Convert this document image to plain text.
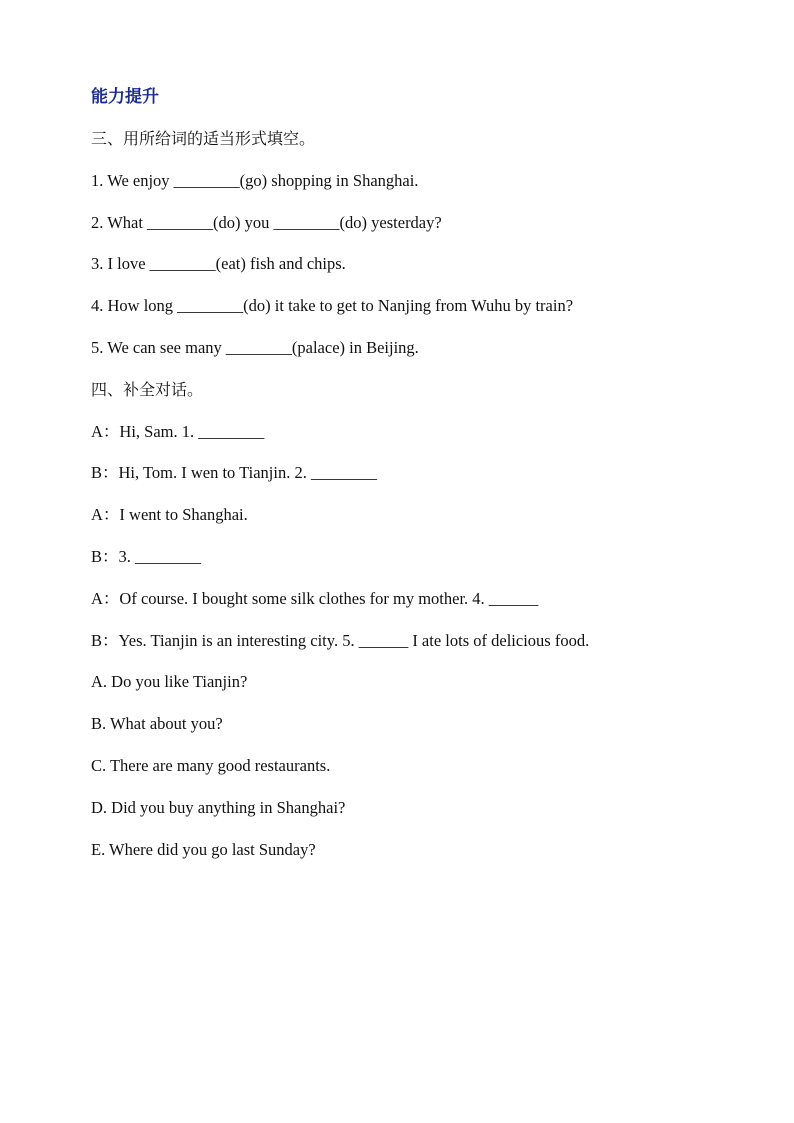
能力提升
三、用所给词的适当形式填空。
1. We enjoy ________(go) shopping in Shanghai.
2. What ________(do) you ________(do) yesterday?
3. I love ________(eat) fish and chips.
4. How long ________(do) it take to get to Nanjing from Wuhu by train?
5. We can see many ________(palace) in Beijing.
四、补全对话。
A：Hi, Sam. 1. ________
B：Hi, Tom. I wen to Tianjin. 2. ________
A：I went to Shanghai.
B：3. ________
A：Of course. I bought some silk clothes for my mother. 4. ______
B：Yes. Tianjin is an interesting city. 5. ______ I ate lots of delicious food.
A. Do you like Tianjin?
B. What about you?
C. There are many good restaurants.
D. Did you buy anything in Shanghai?
E. Where did you go last Sunday?
